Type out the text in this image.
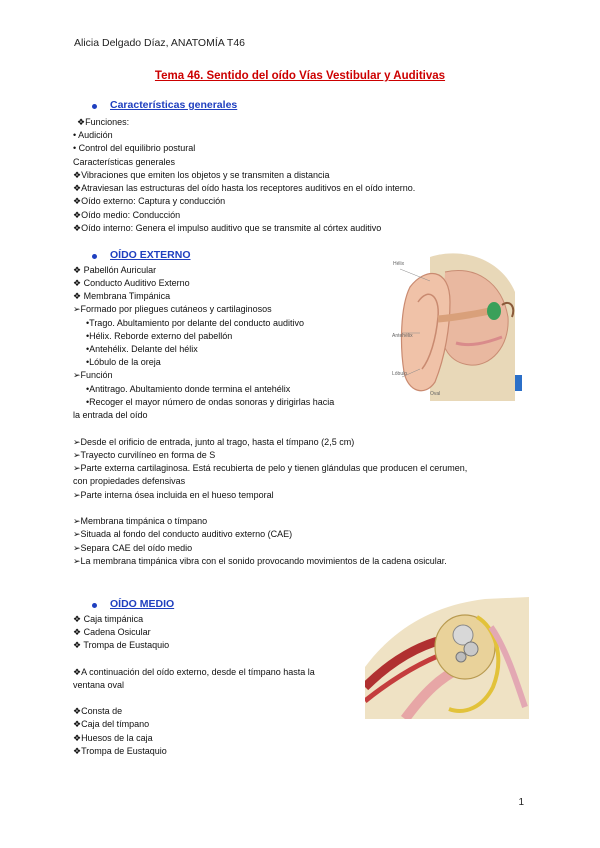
Alicia Delgado Díaz, ANATOMÍA T46
Tema 46. Sentido del oído Vías Vestibular y Auditivas
Características generales
❖Funciones:
• Audición
• Control del equilibrio postural
Características generales
❖Vibraciones que emiten los objetos y se transmiten a distancia
❖Atraviesan las estructuras del oído hasta los receptores auditivos en el oído interno.
❖Oído externo: Captura y conducción
❖Oído medio: Conducción
❖Oído interno: Genera el impulso auditivo que se transmite al córtex auditivo
OÍDO EXTERNO
❖ Pabellón Auricular
❖ Conducto Auditivo Externo
❖ Membrana Timpánica
➢Formado por pliegues cutáneos y cartilaginosos
•Trago. Abultamiento por delante del conducto auditivo
•Hélix. Reborde externo del pabellón
•Antehélix. Delante del hélix
•Lóbulo de la oreja
➢Función
•Antitrago. Abultamiento donde termina el antehélix
•Recoger el mayor número de ondas sonoras y dirigirlas hacia
la entrada del oído
➢Desde el orificio de entrada, junto al trago, hasta el tímpano (2,5 cm)
➢Trayecto curvilíneo en forma de S
➢Parte externa cartilaginosa. Está recubierta de pelo y tienen glándulas que producen el cerumen,
con propiedades defensivas
➢Parte interna ósea incluida en el hueso temporal
➢Membrana timpánica o tímpano
➢Situada al fondo del conducto auditivo externo (CAE)
➢Separa CAE del oído medio
➢La membrana timpánica vibra con el sonido provocando movimientos de la cadena osicular.
Hélix
Antehélix
Lóbulo
Oval
OÍDO MEDIO
❖ Caja timpánica
❖ Cadena Osicular
❖ Trompa de Eustaquio
❖A continuación del oído externo, desde el tímpano hasta la
ventana oval
❖Consta de
❖Caja del tímpano
❖Huesos de la caja
❖Trompa de Eustaquio
1
